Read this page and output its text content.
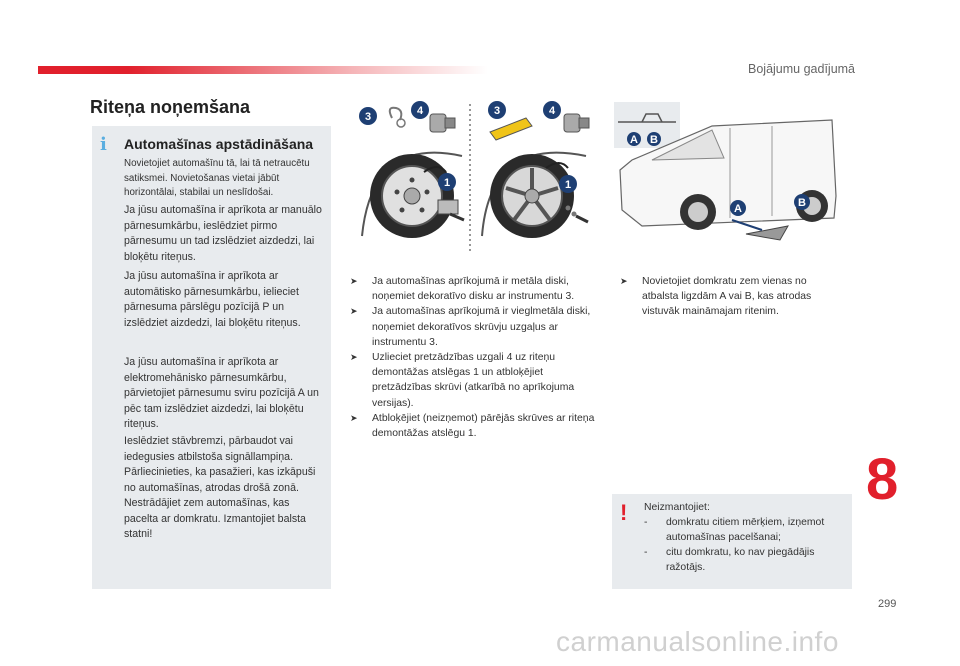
Bojājumu gadījumā
Riteņa noņemšana
i	Automašīnas apstādināšana
Novietojiet automašīnu tā, lai tā netraucētu satiksmei. Novietošanas vietai jābūt horizontālai, stabilai un neslīdošai.
Ja jūsu automašīna ir aprīkota ar manuālo pārnesumkārbu, ieslēdziet pirmo pārnesumu un tad izslēdziet aizdedzi, lai bloķētu riteņus.
Ja jūsu automašīna ir aprīkota ar automātisko pārnesumkārbu, ielieciet pārnesuma pārslēgu pozīcijā P un izslēdziet aizdedzi, lai bloķētu riteņus.
Ja jūsu automašīna ir aprīkota ar elektromehānisko pārnesumkārbu, pārvietojiet pārnesumu sviru pozīcijā A un pēc tam izslēdziet aizdedzi, lai bloķētu riteņus.
Ieslēdziet stāvbremzi, pārbaudot vai iedegusies atbilstoša signāllampiņa. Pārliecinieties, ka pasažieri, kas izkāpuši no automašīnas, atrodas drošā zonā. Nestrādājiet zem automašīnas, kas pacelta ar domkratu. Izmantojiet balsta statni!
3	4
1
3	4
1
A B
A	B
➤ Ja automašīnas aprīkojumā ir metāla diski, noņemiet dekoratīvo disku ar instrumentu 3.
➤ Ja automašīnas aprīkojumā ir vieglmetāla diski, noņemiet dekoratīvos skrūvju uzgaļus ar instrumentu 3.
➤ Uzlieciet pretzādzības uzgali 4 uz riteņu demontāžas atslēgas 1 un atbloķējiet pretzādzības skrūvi (atkarībā no aprīkojuma versijas).
➤ Atbloķējiet (neizņemot) pārējās skrūves ar riteņa demontāžas atslēgu 1.
➤ Novietojiet domkratu zem vienas no atbalsta ligzdām A vai B, kas atrodas vistuvāk maināmajam ritenim.
! Neizmantojiet:
- domkratu citiem mērķiem, izņemot automašīnas pacelšanai;
- citu domkratu, ko nav piegādājis ražotājs.
8
299
carmanualsonline.info
